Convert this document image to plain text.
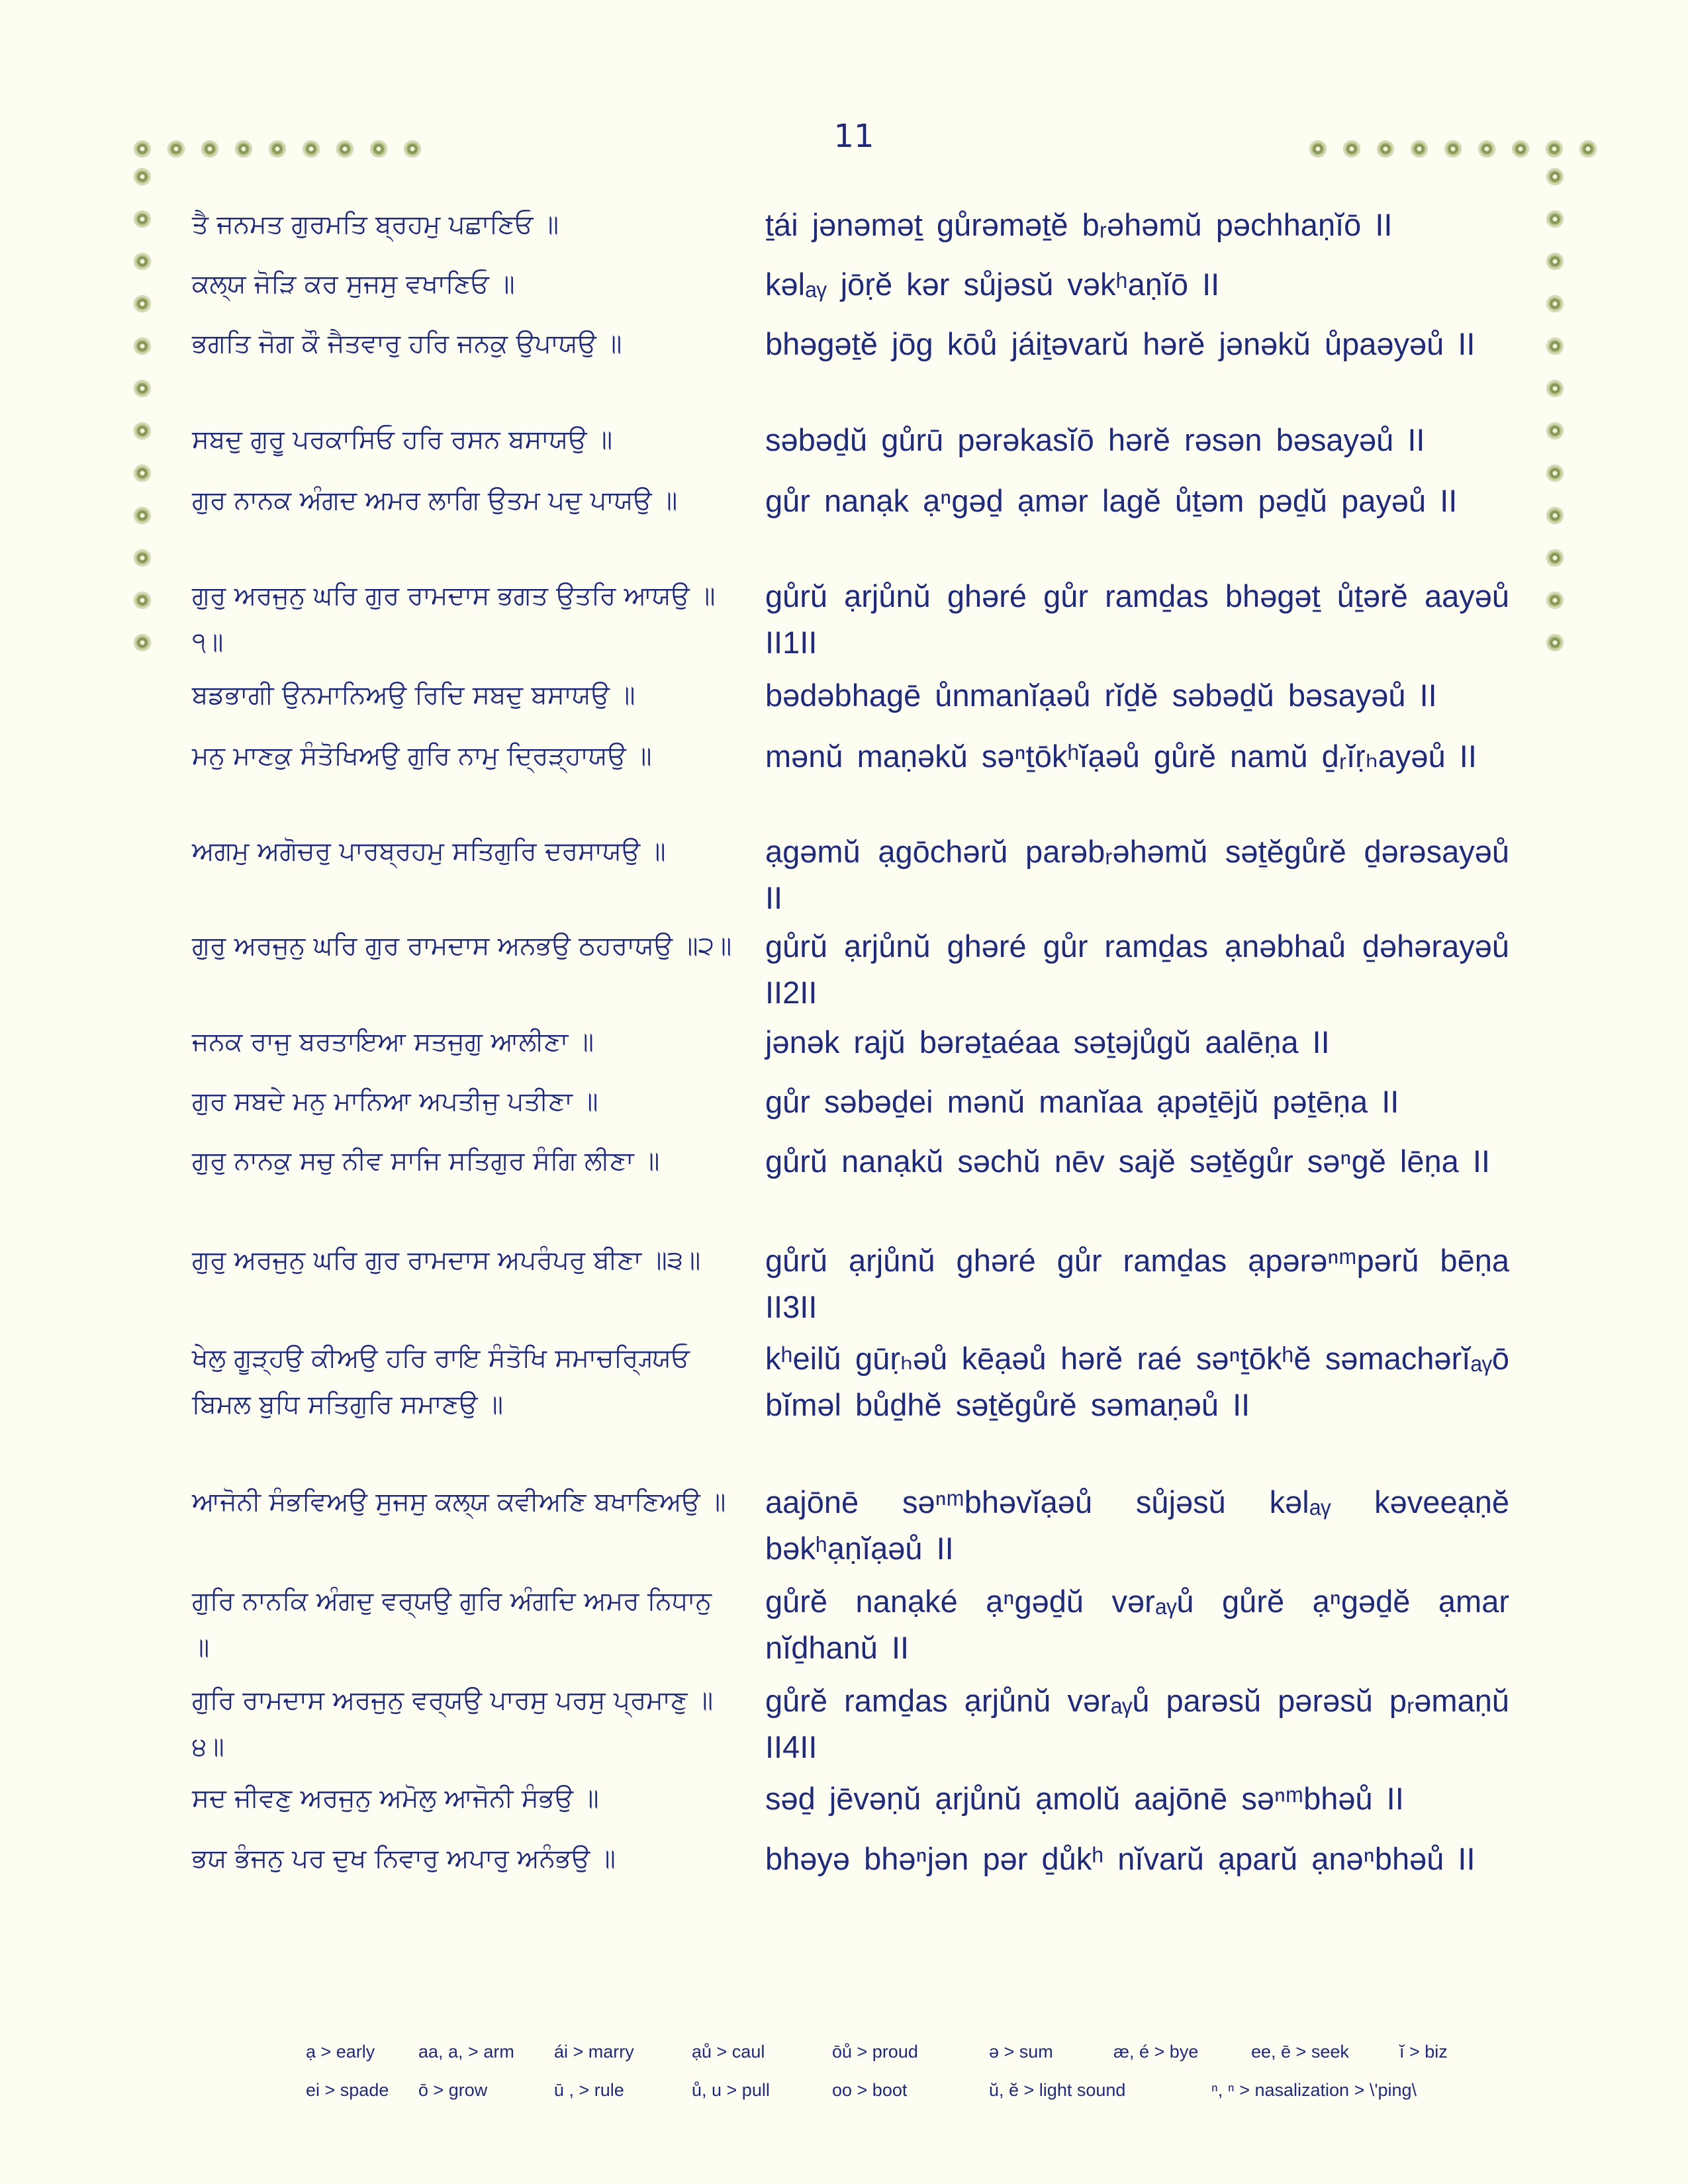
11
ਤੈ ਜਨਮਤ ਗੁਰਮਤਿ ਬ੍ਰਹਮੁ ਪਛਾਣਿਓ ॥	ṯái jənəməṯ gůrəməṯĕ bᵣəhəmŭ pəchhaṇĭō II
ਕਲ੍ਯ ਜੋੜਿ ਕਰ ਸੁਜਸੁ ਵਖਾਣਿਓ ॥	kəlₐᵧ jōṛĕ kər sůjəsŭ vəkʰaṇĭō II
ਭਗਤਿ ਜੋਗ ਕੌ ਜੈਤਵਾਰੁ ਹਰਿ ਜਨਕੁ ਉਪਾਯਉ ॥	bhəgəṯĕ jōg kōů jáiṯəvarŭ hərĕ jənəkŭ ůpaəyəů II
ਸਬਦੁ ਗੁਰੂ ਪਰਕਾਸਿਓ ਹਰਿ ਰਸਨ ਬਸਾਯਉ ॥	səbəḏŭ gůrū pərəkasĭō hərĕ rəsən bəsayəů II
ਗੁਰ ਨਾਨਕ ਅੰਗਦ ਅਮਰ ਲਾਗਿ ਉਤਮ ਪਦੁ ਪਾਯਉ ॥	gůr nanạk ạⁿgəḏ ạmər lagĕ ůṯəm pəḏŭ payəů II
ਗੁਰੁ ਅਰਜੁਨੁ ਘਰਿ ਗੁਰ ਰਾਮਦਾਸ ਭਗਤ ਉਤਰਿ ਆਯਉ ॥੧॥
gůrŭ ạrjůnŭ ghəré gůr ramḏas bhəgəṯ ůṯərĕ aayəů II1II
ਬਡਭਾਗੀ ਉਨਮਾਨਿਅਉ ਰਿਦਿ ਸਬਦੁ ਬਸਾਯਉ ॥	bədəbhagē ůnmanĭạəů rĭḏĕ səbəḏŭ bəsayəů II
ਮਨੁ ਮਾਣਕੁ ਸੰਤੋਖਿਅਉ ਗੁਰਿ ਨਾਮੁ ਦ੍ਰਿੜ੍ਹਾਯਉ ॥	mənŭ maṇəkŭ səⁿṯōkʰĭạəů gůrĕ namŭ ḏᵣĭṛₕayəů II
ਅਗਮੁ ਅਗੋਚਰੁ ਪਾਰਬ੍ਰਹਮੁ ਸਤਿਗੁਰਿ ਦਰਸਾਯਉ ॥	ạgəmŭ ạgōchərŭ parəbᵣəhəmŭ səṯĕgůrĕ ḏərəsayəů II
ਗੁਰੁ ਅਰਜੁਨੁ ਘਰਿ ਗੁਰ ਰਾਮਦਾਸ ਅਨਭਉ ਠਹਰਾਯਉ ॥੨॥ gůrŭ ạrjůnŭ ghəré gůr ramḏas ạnəbhaů ḏəhərayəů II2II
ਜਨਕ ਰਾਜੁ ਬਰਤਾਇਆ ਸਤਜੁਗੁ ਆਲੀਣਾ ॥	jənək rajŭ bərəṯaéaa səṯəjůgŭ aalēṇa II
ਗੁਰ ਸਬਦੇ ਮਨੁ ਮਾਨਿਆ ਅਪਤੀਜੁ ਪਤੀਣਾ ॥	gůr səbəḏei mənŭ manĭaa ạpəṯējŭ pəṯēṇa II
ਗੁਰੁ ਨਾਨਕੁ ਸਚੁ ਨੀਵ ਸਾਜਿ ਸਤਿਗੁਰ ਸੰਗਿ ਲੀਣਾ ॥	gůrŭ nanạkŭ səchŭ nēv sajĕ səṯĕgůr səⁿgĕ lēṇa II
ਗੁਰੁ ਅਰਜੁਨੁ ਘਰਿ ਗੁਰ ਰਾਮਦਾਸ ਅਪਰੰਪਰੁ ਬੀਣਾ ॥੩॥	gůrŭ ạrjůnŭ ghəré gůr ramḏas ạpərəⁿᵐpərŭ bēṇa II3II
ਖੇਲੁ ਗੂੜ੍ਹਉ ਕੀਅਉ ਹਰਿ ਰਾਇ ਸੰਤੋਖਿ ਸਮਾਚਰ੍ਯ੍ਯਿਓ ਬਿਮਲ ਬੁਧਿ ਸਤਿਗੁਰਿ ਸਮਾਣਉ ॥
kʰeilŭ gūṛₕəů kēạəů hərĕ raé səⁿṯōkʰĕ səmachərĭₐᵧō bĭməl bůḏhĕ səṯĕgůrĕ səmaṇəů II
ਆਜੋਨੀ ਸੰਭਵਿਅਉ ਸੁਜਸੁ ਕਲ੍ਯ ਕਵੀਅਣਿ ਬਖਾਣਿਅਉ ॥ aajōnē səⁿᵐbhəvĭạəů sůjəsŭ kəlₐᵧ kəveeạṇĕ bəkʰạṇĭạəů II
ਗੁਰਿ ਨਾਨਕਿ ਅੰਗਦੁ ਵਰ੍ਯਉ ਗੁਰਿ ਅੰਗਦਿ ਅਮਰ ਨਿਧਾਨੁ ॥
gůrĕ nanạké ạⁿgəḏŭ vərₐᵧů gůrĕ ạⁿgəḏĕ ạmar nĭḏhanŭ II
ਗੁਰਿ ਰਾਮਦਾਸ ਅਰਜੁਨੁ ਵਰ੍ਯਉ ਪਾਰਸੁ ਪਰਸੁ ਪ੍ਰਮਾਣੁ ॥੪॥
gůrĕ ramḏas ạrjůnŭ vərₐᵧů parəsŭ pərəsŭ pᵣəmaṇŭ II4II
ਸਦ ਜੀਵਣੁ ਅਰਜੁਨੁ ਅਮੋਲੁ ਆਜੋਨੀ ਸੰਭਉ ॥	səḏ jēvəṇŭ ạrjůnŭ ạmolŭ aajōnē səⁿᵐbhəů II
ਭਯ ਭੰਜਨੁ ਪਰ ਦੁਖ ਨਿਵਾਰੁ ਅਪਾਰੁ ਅਨੰਭਉ ॥	bhəyə bhəⁿjən pər ḏůkʰ nĭvarŭ ạparŭ ạnəⁿbhəů II
ạ > early aa, a, > arm ái > marry	ạů > caul	ōů > proud	ə > sum	æ, é > bye	ee, ē > seek	ĭ > biz
ei > spade ō > grow	ū , > rule	ů, u > pull	oo > boot	ŭ, ĕ > light sound	ⁿ, ⁿ > nasalization > \'ping\
